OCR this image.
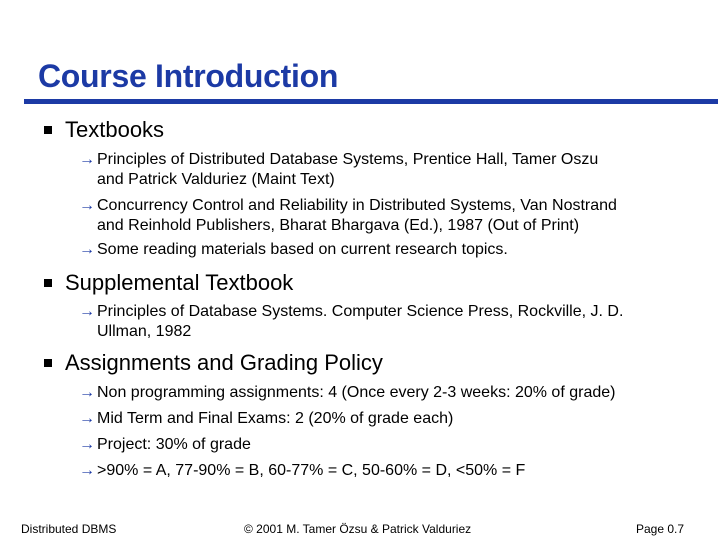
Course Introduction
Textbooks
→ Principles of Distributed Database Systems, Prentice Hall, Tamer Oszu
and Patrick Valduriez (Maint Text)
→ Concurrency Control and Reliability in Distributed Systems, Van Nostrand
and Reinhold Publishers, Bharat Bhargava (Ed.), 1987 (Out of Print)
→ Some reading materials based on current research topics.
Supplemental Textbook
→ Principles of Database Systems. Computer Science Press, Rockville, J. D.
Ullman, 1982
Assignments and Grading Policy
→ Non programming assignments: 4 (Once every 2-3 weeks: 20% of grade)
→ Mid Term and Final Exams: 2 (20% of grade each)
→ Project: 30% of grade
→ >90% = A, 77-90% = B, 60-77% = C, 50-60% = D, <50% = F
Distributed DBMS	© 2001 M. Tamer Özsu & Patrick Valduriez	Page 0.7
